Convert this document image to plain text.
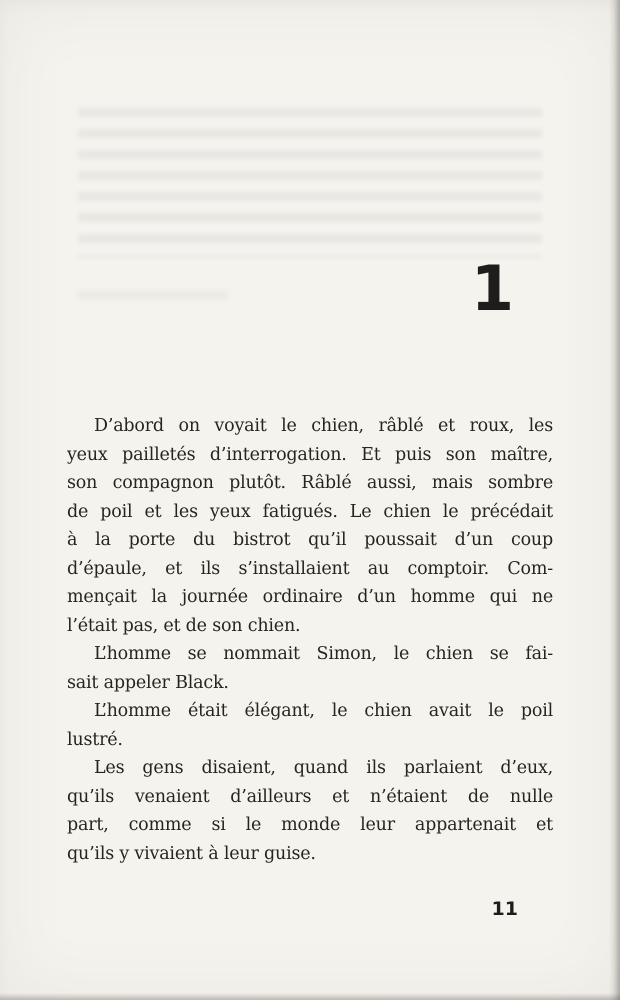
1
D’abord on voyait le chien, râblé et roux, les
yeux pailletés d’interrogation. Et puis son maître,
son compagnon plutôt. Râblé aussi, mais sombre
de poil et les yeux fatigués. Le chien le précédait
à la porte du bistrot qu’il poussait d’un coup
d’épaule, et ils s’installaient au comptoir. Com-
mençait la journée ordinaire d’un homme qui ne
l’était pas, et de son chien.
L’homme se nommait Simon, le chien se fai-
sait appeler Black.
L’homme était élégant, le chien avait le poil
lustré.
Les gens disaient, quand ils parlaient d’eux,
qu’ils venaient d’ailleurs et n’étaient de nulle
part, comme si le monde leur appartenait et
qu’ils y vivaient à leur guise.
11
